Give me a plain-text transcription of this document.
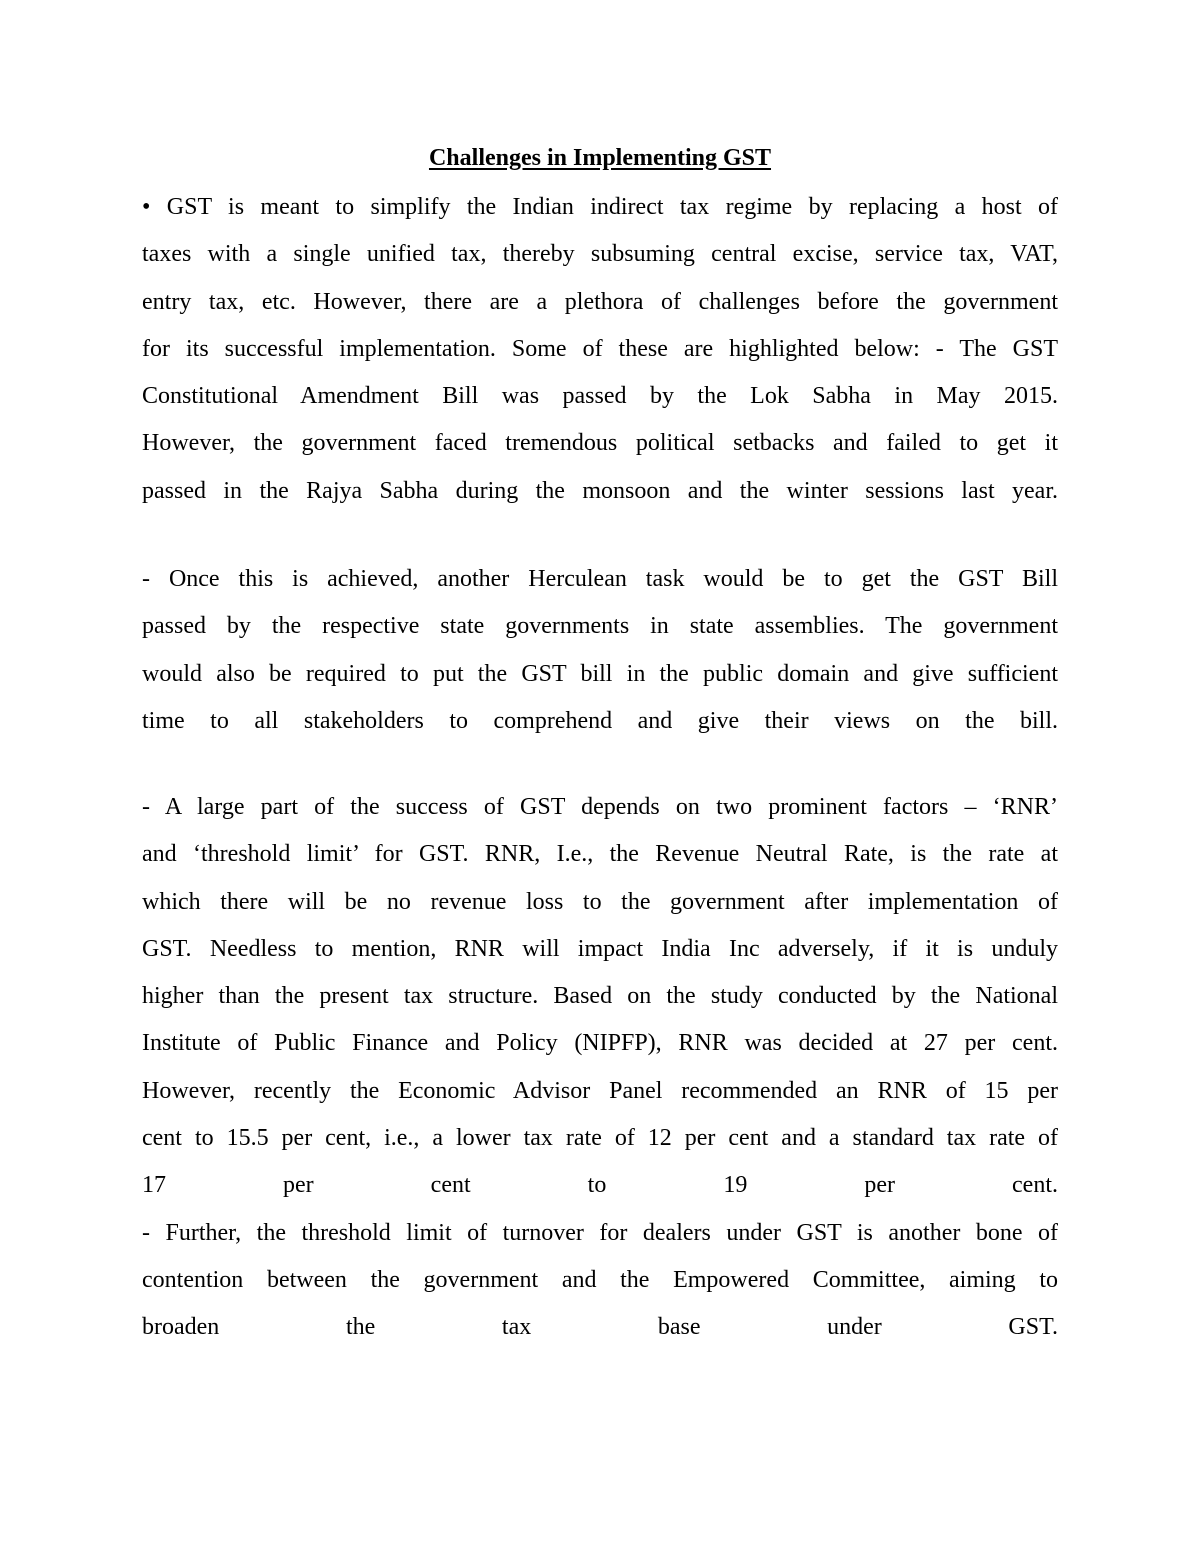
Challenges in Implementing GST
• GST is meant to simplify the Indian indirect tax regime by replacing a host of
taxes with a single unified tax, thereby subsuming central excise, service tax, VAT,
entry tax, etc. However, there are a plethora of challenges before the government
for its successful implementation. Some of these are highlighted below: - The GST
Constitutional Amendment Bill was passed by the Lok Sabha in May 2015.
However, the government faced tremendous political setbacks and failed to get it
passed in the Rajya Sabha during the monsoon and the winter sessions last year.
- Once this is achieved, another Herculean task would be to get the GST Bill
passed by the respective state governments in state assemblies. The government
would also be required to put the GST bill in the public domain and give sufficient
time to all stakeholders to comprehend and give their views on the bill.
- A large part of the success of GST depends on two prominent factors – ‘RNR’
and ‘threshold limit’ for GST. RNR, I.e., the Revenue Neutral Rate, is the rate at
which there will be no revenue loss to the government after implementation of
GST. Needless to mention, RNR will impact India Inc adversely, if it is unduly
higher than the present tax structure. Based on the study conducted by the National
Institute of Public Finance and Policy (NIPFP), RNR was decided at 27 per cent.
However, recently the Economic Advisor Panel recommended an RNR of 15 per
cent to 15.5 per cent, i.e., a lower tax rate of 12 per cent and a standard tax rate of
17 per cent to 19 per cent.
- Further, the threshold limit of turnover for dealers under GST is another bone of
contention between the government and the Empowered Committee, aiming to
broaden the tax base under GST.
